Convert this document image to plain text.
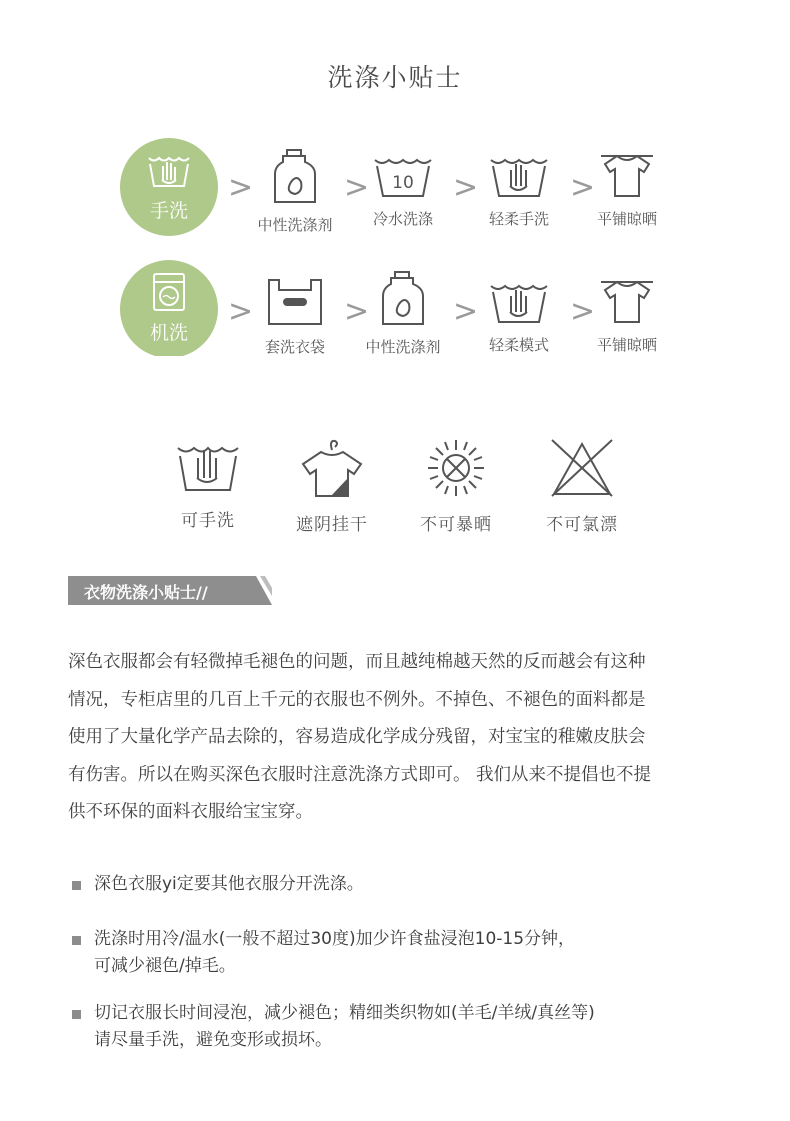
洗涤小贴士
手洗
>
中性洗涤剂
> 10
冷水洗涤
>
轻柔手洗
>
平铺晾晒
机洗
>
套洗衣袋
>
中性洗涤剂
>
轻柔模式
>
平铺晾晒
可手洗	遮阴挂干	不可暴晒	不可氯漂
衣物洗涤小贴士//
深色衣服都会有轻微掉毛褪色的问题，而且越纯棉越天然的反而越会有这种
情况，专柜店里的几百上千元的衣服也不例外。不掉色、不褪色的面料都是
使用了大量化学产品去除的，容易造成化学成分残留，对宝宝的稚嫩皮肤会
有伤害。所以在购买深色衣服时注意洗涤方式即可。 我们从来不提倡也不提
供不环保的面料衣服给宝宝穿。
深色衣服yi定要其他衣服分开洗涤。
洗涤时用冷/温水(一般不超过30度)加少许食盐浸泡10-15分钟，
可减少褪色/掉毛。
切记衣服长时间浸泡，减少褪色；精细类织物如(羊毛/羊绒/真丝等)
请尽量手洗，避免变形或损坏。
